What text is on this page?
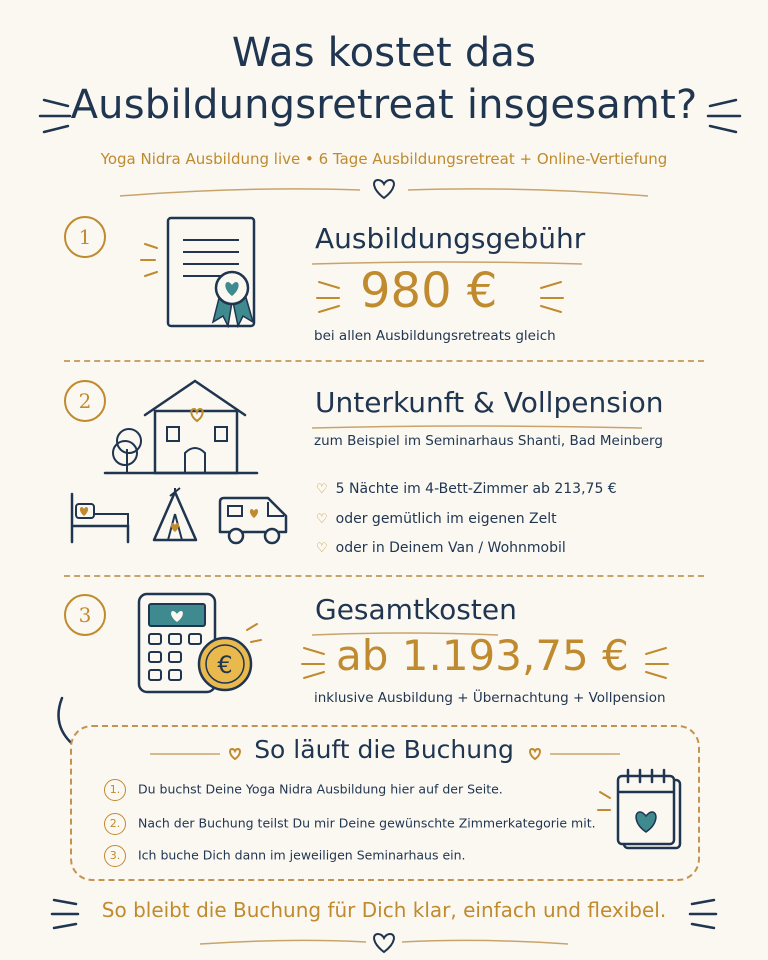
Was kostet das
Ausbildungsretreat insgesamt?
Yoga Nidra Ausbildung live • 6 Tage Ausbildungsretreat + Online-Vertiefung
1	Ausbildungsgebühr
980 €
bei allen Ausbildungsretreats gleich
2	Unterkunft & Vollpension
zum Beispiel im Seminarhaus Shanti, Bad Meinberg
♡ 5 Nächte im 4-Bett-Zimmer ab 213,75 €
♡ oder gemütlich im eigenen Zelt
♡ oder in Deinem Van / Wohnmobil
3
€
Gesamtkosten
ab 1.193,75 €
inklusive Ausbildung + Übernachtung + Vollpension
So läuft die Buchung
1. Du buchst Deine Yoga Nidra Ausbildung hier auf der Seite.
2. Nach der Buchung teilst Du mir Deine gewünschte Zimmerkategorie mit.
3. Ich buche Dich dann im jeweiligen Seminarhaus ein.
So bleibt die Buchung für Dich klar, einfach und flexibel.
